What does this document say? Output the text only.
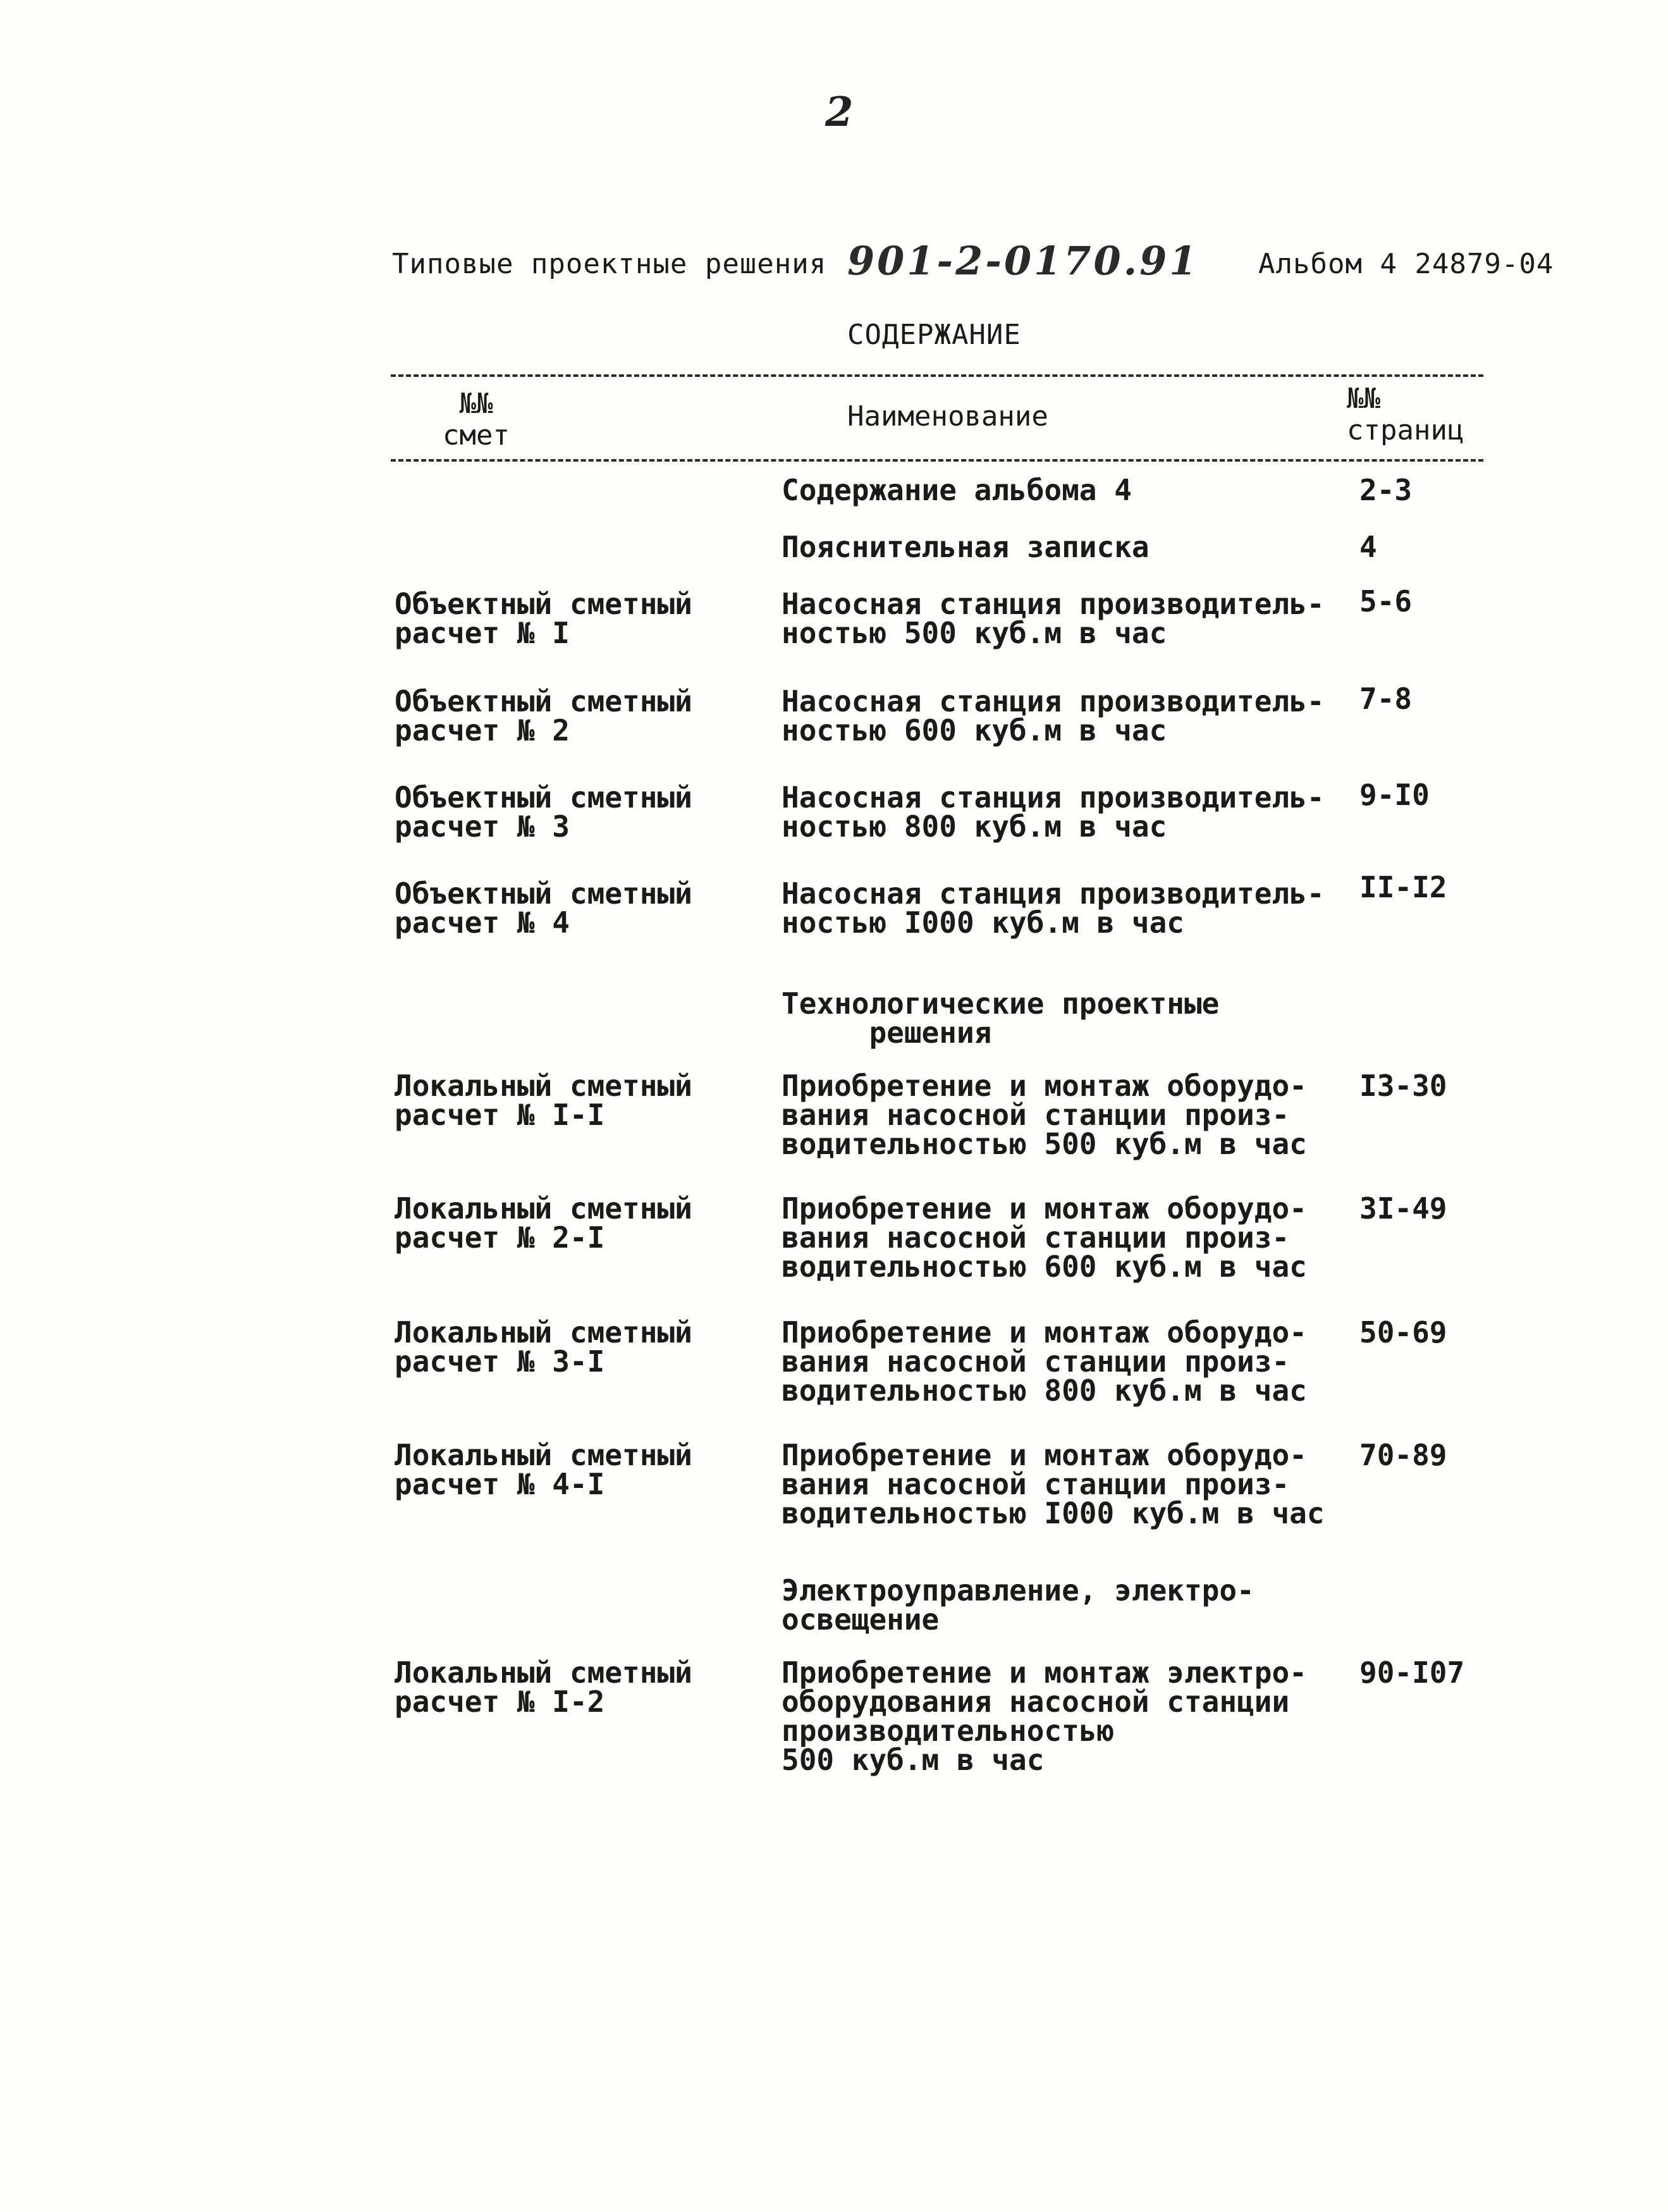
2
Типовые проектные решения 901-2-0170.91 Альбом 4 24879-04
СОДЕРЖАНИЕ
№№
смет
Наименование
№№
страниц
Содержание альбома 4	2-3
Пояснительная записка	4
Объектный сметный
расчет № I
Насосная станция производитель-
ностью 500 куб.м в час
5-6
Объектный сметный
расчет № 2
Насосная станция производитель-
ностью 600 куб.м в час
7-8
Объектный сметный
расчет № 3
Насосная станция производитель-
ностью 800 куб.м в час
9-I0
Объектный сметный
расчет № 4
Насосная станция производитель-
ностью I000 куб.м в час
II-I2
Технологические проектные
решения
Локальный сметный
расчет № I-I
Приобретение и монтаж оборудо-
вания насосной станции произ-
водительностью 500 куб.м в час
I3-30
Локальный сметный
расчет № 2-I
Приобретение и монтаж оборудо-
вания насосной станции произ-
водительностью 600 куб.м в час
3I-49
Локальный сметный
расчет № 3-I
Приобретение и монтаж оборудо-
вания насосной станции произ-
водительностью 800 куб.м в час
50-69
Локальный сметный
расчет № 4-I
Приобретение и монтаж оборудо-
вания насосной станции произ-
водительностью I000 куб.м в час
70-89
Электроуправление, электро-
освещение
Локальный сметный
расчет № I-2
Приобретение и монтаж электро-
оборудования насосной станции
производительностью
500 куб.м в час
90-I07
